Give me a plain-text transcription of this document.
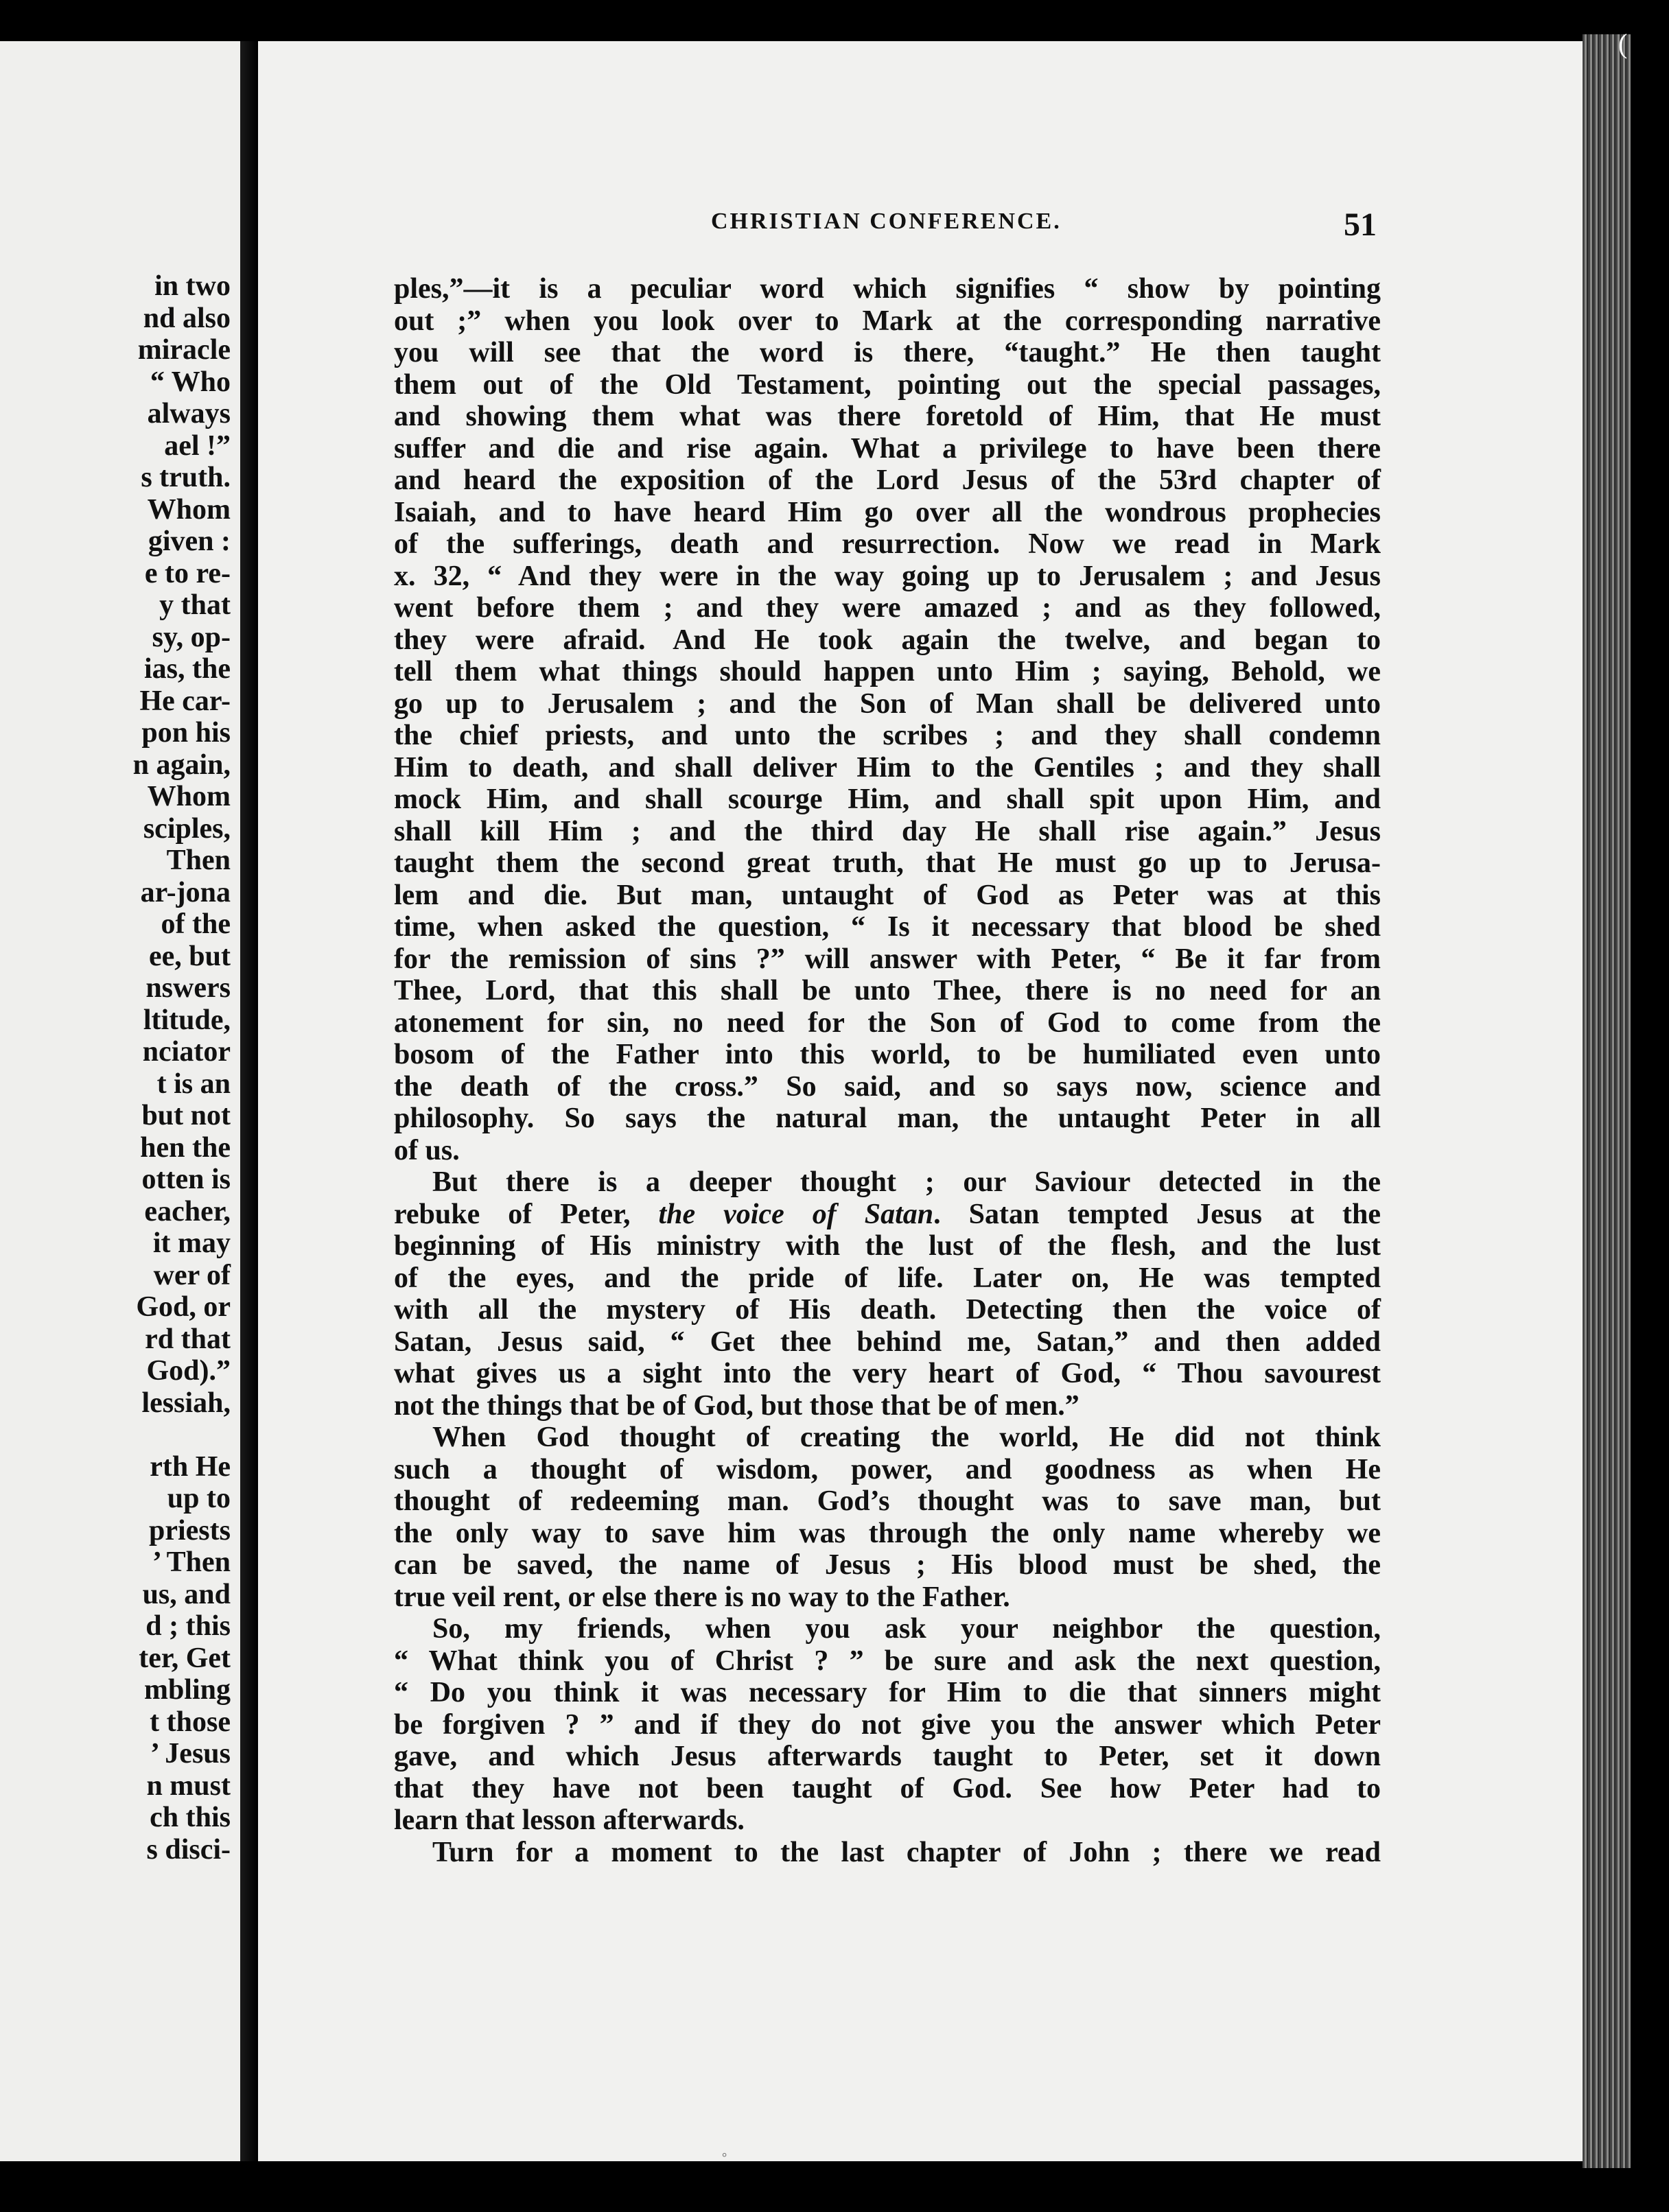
in two
nd also
miracle
“ Who
always
ael !”
s truth.
Whom
given :
e to re-
y that
sy, op-
ias, the
He car-
pon his
n again,
Whom
sciples,
Then
ar-jona
of the
ee, but
nswers
ltitude,
nciator
t is an
but not
hen the
otten is
eacher,
it may
wer of
God, or
rd that
God).”
lessiah,
rth He
up to
priests
’ Then
us, and
d ; this
ter, Get
mbling
t those
’ Jesus
n must
ch this
s disci-
(
CHRISTIAN CONFERENCE.	51
ples,”—it is a peculiar word which signifies “ show by pointing
out ;” when you look over to Mark at the corresponding narrative
you will see that the word is there, “taught.” He then taught
them out of the Old Testament, pointing out the special passages,
and showing them what was there foretold of Him, that He must
suffer and die and rise again. What a privilege to have been there
and heard the exposition of the Lord Jesus of the 53rd chapter of
Isaiah, and to have heard Him go over all the wondrous prophecies
of the sufferings, death and resurrection. Now we read in Mark
x. 32, “ And they were in the way going up to Jerusalem ; and Jesus
went before them ; and they were amazed ; and as they followed,
they were afraid. And He took again the twelve, and began to
tell them what things should happen unto Him ; saying, Behold, we
go up to Jerusalem ; and the Son of Man shall be delivered unto
the chief priests, and unto the scribes ; and they shall condemn
Him to death, and shall deliver Him to the Gentiles ; and they shall
mock Him, and shall scourge Him, and shall spit upon Him, and
shall kill Him ; and the third day He shall rise again.” Jesus
taught them the second great truth, that He must go up to Jerusa-
lem and die. But man, untaught of God as Peter was at this
time, when asked the question, “ Is it necessary that blood be shed
for the remission of sins ?” will answer with Peter, “ Be it far from
Thee, Lord, that this shall be unto Thee, there is no need for an
atonement for sin, no need for the Son of God to come from the
bosom of the Father into this world, to be humiliated even unto
the death of the cross.” So said, and so says now, science and
philosophy. So says the natural man, the untaught Peter in all
of us.
But there is a deeper thought ; our Saviour detected in the
rebuke of Peter, the voice of Satan. Satan tempted Jesus at the
beginning of His ministry with the lust of the flesh, and the lust
of the eyes, and the pride of life. Later on, He was tempted
with all the mystery of His death. Detecting then the voice of
Satan, Jesus said, “ Get thee behind me, Satan,” and then added
what gives us a sight into the very heart of God, “ Thou savourest
not the things that be of God, but those that be of men.”
When God thought of creating the world, He did not think
such a thought of wisdom, power, and goodness as when He
thought of redeeming man. God’s thought was to save man, but
the only way to save him was through the only name whereby we
can be saved, the name of Jesus ; His blood must be shed, the
true veil rent, or else there is no way to the Father.
So, my friends, when you ask your neighbor the question,
“ What think you of Christ ? ” be sure and ask the next question,
“ Do you think it was necessary for Him to die that sinners might
be forgiven ? ” and if they do not give you the answer which Peter
gave, and which Jesus afterwards taught to Peter, set it down
that they have not been taught of God. See how Peter had to
learn that lesson afterwards.
Turn for a moment to the last chapter of John ; there we read
°
